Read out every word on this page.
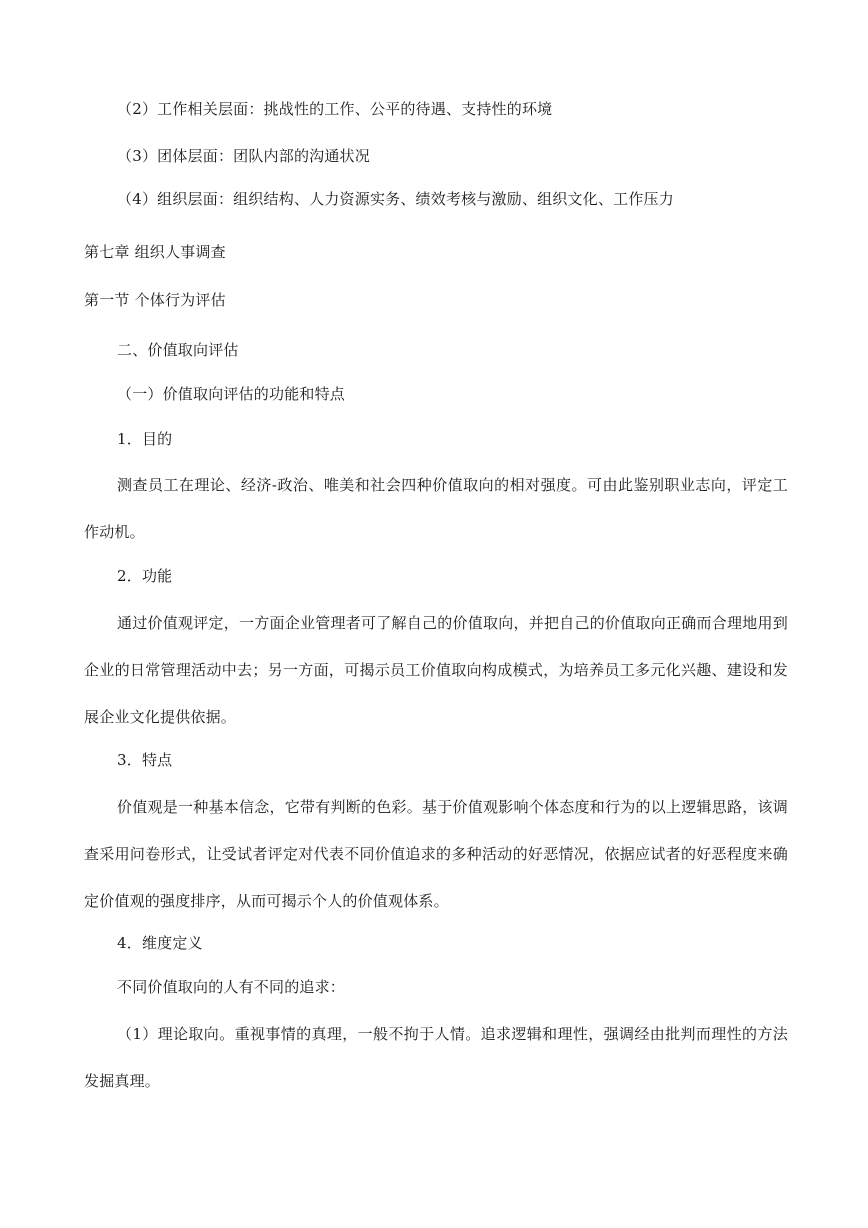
（2）工作相关层面：挑战性的工作、公平的待遇、支持性的环境
（3）团体层面：团队内部的沟通状况
（4）组织层面：组织结构、人力资源实务、绩效考核与激励、组织文化、工作压力
第七章 组织人事调查
第一节 个体行为评估
二、价值取向评估
（一）价值取向评估的功能和特点
1．目的
测查员工在理论、经济-政治、唯美和社会四种价值取向的相对强度。可由此鉴别职业志向，评定工作动机。
2．功能
通过价值观评定，一方面企业管理者可了解自己的价值取向，并把自己的价值取向正确而合理地用到企业的日常管理活动中去；另一方面，可揭示员工价值取向构成模式，为培养员工多元化兴趣、建设和发展企业文化提供依据。
3．特点
价值观是一种基本信念，它带有判断的色彩。基于价值观影响个体态度和行为的以上逻辑思路，该调查采用问卷形式，让受试者评定对代表不同价值追求的多种活动的好恶情况，依据应试者的好恶程度来确定价值观的强度排序，从而可揭示个人的价值观体系。
4．维度定义
不同价值取向的人有不同的追求：
（1）理论取向。重视事情的真理，一般不拘于人情。追求逻辑和理性，强调经由批判而理性的方法发掘真理。
